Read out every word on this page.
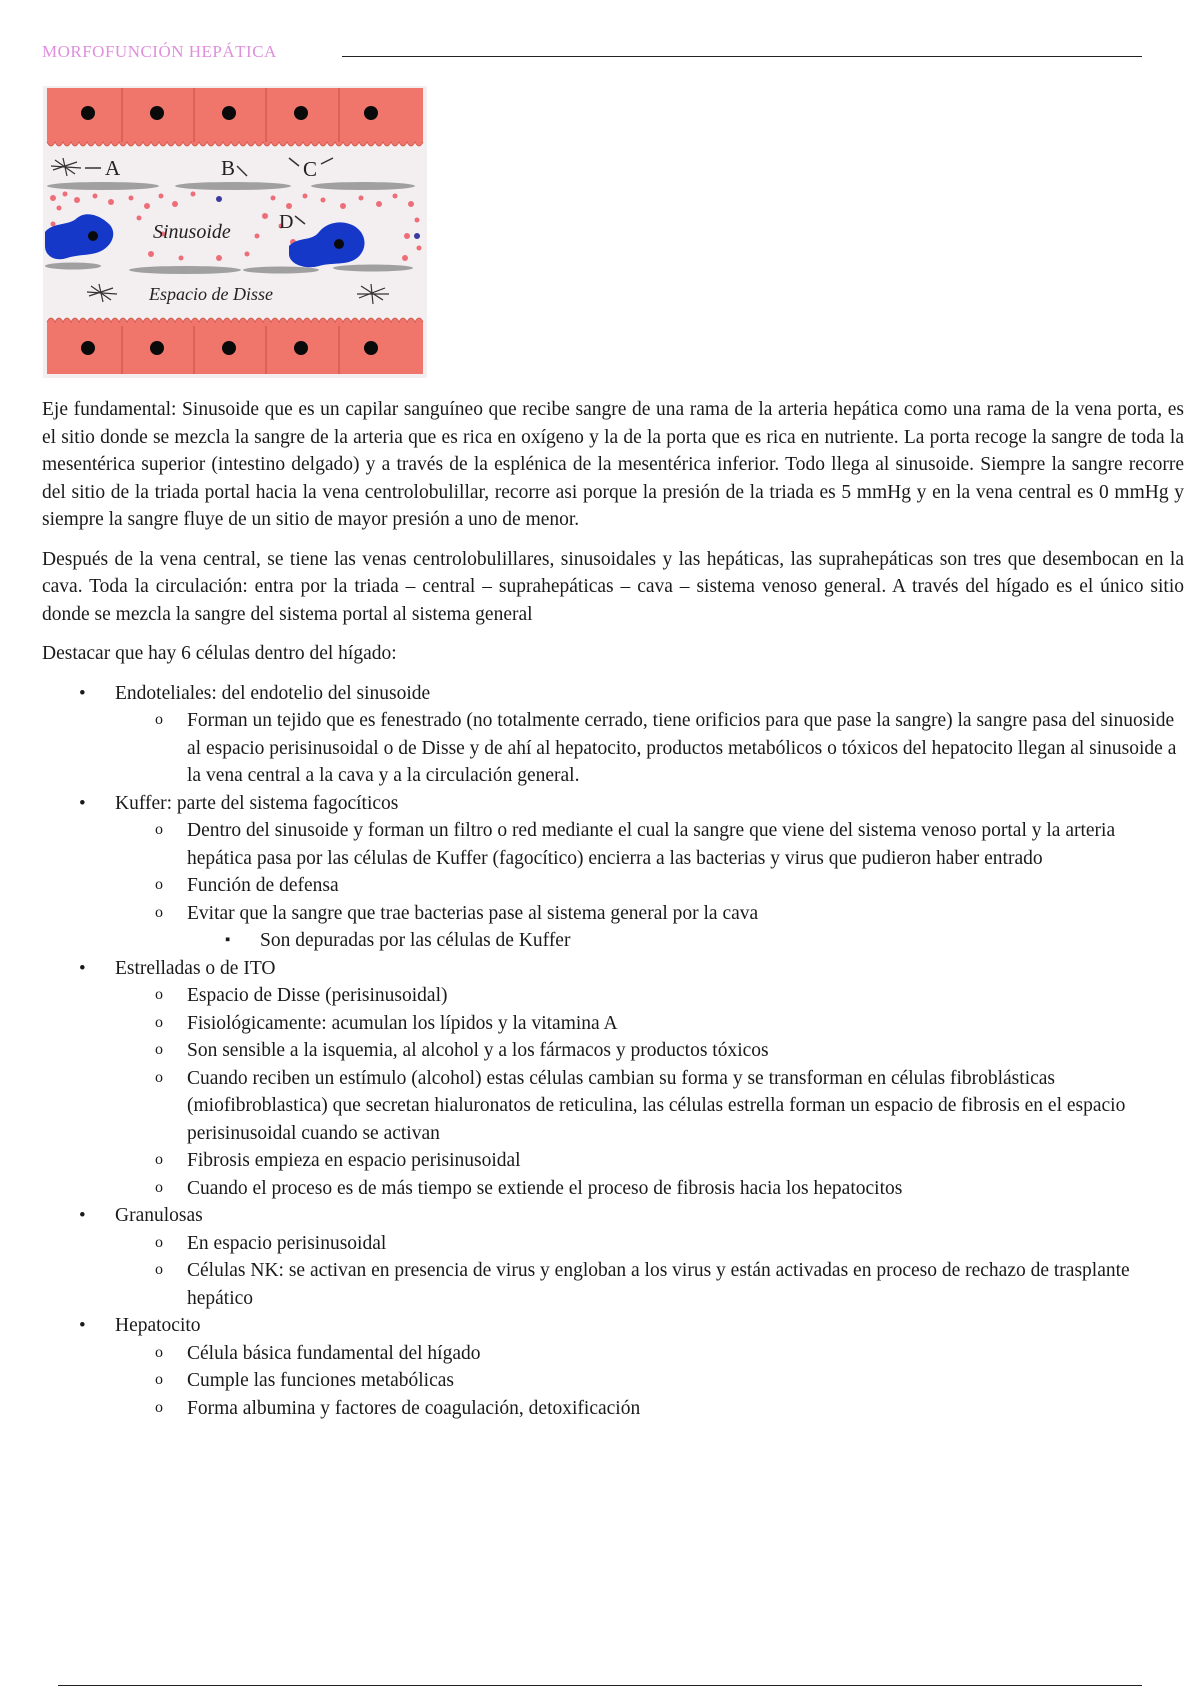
MORFOFUNCIÓN HEPÁTICA
A	B	C
Sinusoide D
Espacio de Disse

Eje fundamental: Sinusoide que es un capilar sanguíneo que recibe sangre de una rama de la arteria hepática como una rama de la vena porta, es el sitio donde se mezcla la sangre de la arteria que es rica en oxígeno y la de la porta que es rica en nutriente. La porta recoge la sangre de toda la mesentérica superior (intestino delgado) y a través de la esplénica de la mesentérica inferior. Todo llega al sinusoide. Siempre la sangre recorre del sitio de la triada portal hacia la vena centrolobulillar, recorre asi porque la presión de la triada es 5 mmHg y en la vena central es 0 mmHg y siempre la sangre fluye de un sitio de mayor presión a uno de menor.

Después de la vena central, se tiene las venas centrolobulillares, sinusoidales y las hepáticas, las suprahepáticas son tres que desembocan en la cava. Toda la circulación: entra por la triada – central – suprahepáticas – cava – sistema venoso general. A través del hígado es el único sitio donde se mezcla la sangre del sistema portal al sistema general

Destacar que hay 6 células dentro del hígado:

• Endoteliales: del endotelio del sinusoide
o Forman un tejido que es fenestrado (no totalmente cerrado, tiene orificios para que pase la sangre) la sangre pasa del sinuoside al espacio perisinusoidal o de Disse y de ahí al hepatocito, productos metabólicos o tóxicos del hepatocito llegan al sinusoide a la vena central a la cava y a la circulación general.
• Kuffer: parte del sistema fagocíticos
o Dentro del sinusoide y forman un filtro o red mediante el cual la sangre que viene del sistema venoso portal y la arteria hepática pasa por las células de Kuffer (fagocítico) encierra a las bacterias y virus que pudieron haber entrado
o Función de defensa
o Evitar que la sangre que trae bacterias pase al sistema general por la cava
▪ Son depuradas por las células de Kuffer
• Estrelladas o de ITO
o Espacio de Disse (perisinusoidal)
o Fisiológicamente: acumulan los lípidos y la vitamina A
o Son sensible a la isquemia, al alcohol y a los fármacos y productos tóxicos
o Cuando reciben un estímulo (alcohol) estas células cambian su forma y se transforman en células fibroblásticas (miofibroblastica) que secretan hialuronatos de reticulina, las células estrella forman un espacio de fibrosis en el espacio perisinusoidal cuando se activan
o Fibrosis empieza en espacio perisinusoidal
o Cuando el proceso es de más tiempo se extiende el proceso de fibrosis hacia los hepatocitos
• Granulosas
o En espacio perisinusoidal
o Células NK: se activan en presencia de virus y engloban a los virus y están activadas en proceso de rechazo de trasplante hepático
• Hepatocito
o Célula básica fundamental del hígado
o Cumple las funciones metabólicas
o Forma albumina y factores de coagulación, detoxificación
